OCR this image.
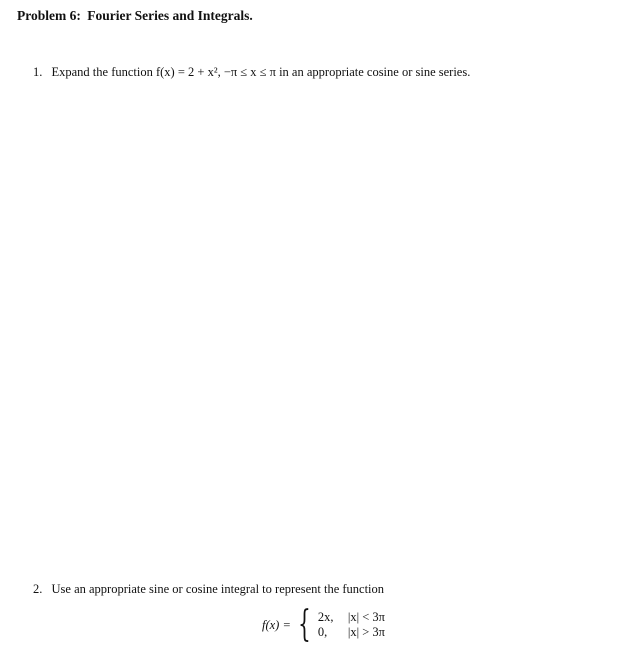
Problem 6: Fourier Series and Integrals.
1. Expand the function f(x) = 2 + x², −π ≤ x ≤ π in an appropriate cosine or sine series.
2. Use an appropriate sine or cosine integral to represent the function
f(x) = { 2x,	|x| < 3π
0,	|x| > 3π
